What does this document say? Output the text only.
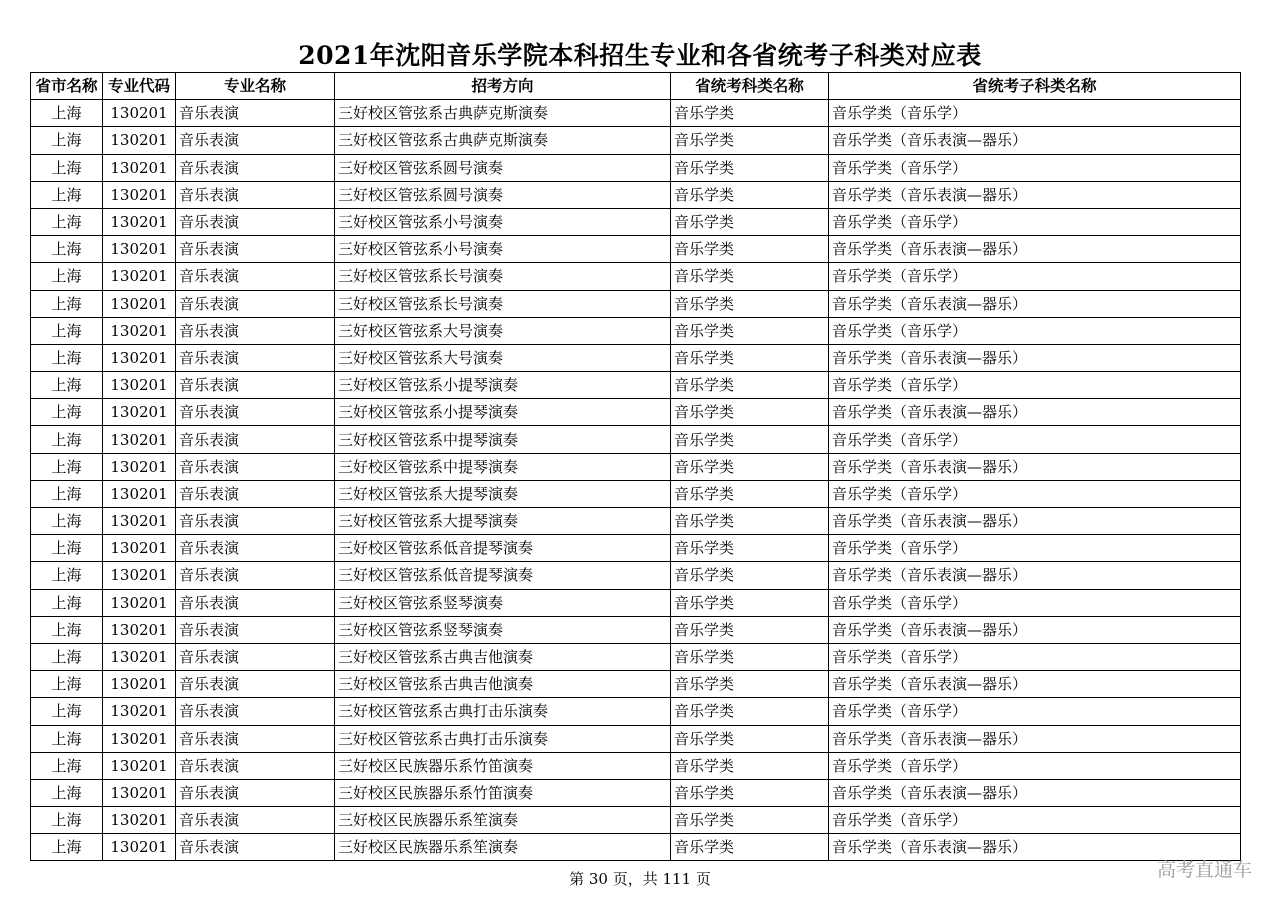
2021年沈阳音乐学院本科招生专业和各省统考子科类对应表
省市名称	专业代码	专业名称	招考方向	省统考科类名称	省统考子科类名称
上海	130201	音乐表演	三好校区管弦系古典萨克斯演奏	音乐学类	音乐学类（音乐学）
上海	130201	音乐表演	三好校区管弦系古典萨克斯演奏	音乐学类	音乐学类（音乐表演—器乐）
上海	130201	音乐表演	三好校区管弦系圆号演奏	音乐学类	音乐学类（音乐学）
上海	130201	音乐表演	三好校区管弦系圆号演奏	音乐学类	音乐学类（音乐表演—器乐）
上海	130201	音乐表演	三好校区管弦系小号演奏	音乐学类	音乐学类（音乐学）
上海	130201	音乐表演	三好校区管弦系小号演奏	音乐学类	音乐学类（音乐表演—器乐）
上海	130201	音乐表演	三好校区管弦系长号演奏	音乐学类	音乐学类（音乐学）
上海	130201	音乐表演	三好校区管弦系长号演奏	音乐学类	音乐学类（音乐表演—器乐）
上海	130201	音乐表演	三好校区管弦系大号演奏	音乐学类	音乐学类（音乐学）
上海	130201	音乐表演	三好校区管弦系大号演奏	音乐学类	音乐学类（音乐表演—器乐）
上海	130201	音乐表演	三好校区管弦系小提琴演奏	音乐学类	音乐学类（音乐学）
上海	130201	音乐表演	三好校区管弦系小提琴演奏	音乐学类	音乐学类（音乐表演—器乐）
上海	130201	音乐表演	三好校区管弦系中提琴演奏	音乐学类	音乐学类（音乐学）
上海	130201	音乐表演	三好校区管弦系中提琴演奏	音乐学类	音乐学类（音乐表演—器乐）
上海	130201	音乐表演	三好校区管弦系大提琴演奏	音乐学类	音乐学类（音乐学）
上海	130201	音乐表演	三好校区管弦系大提琴演奏	音乐学类	音乐学类（音乐表演—器乐）
上海	130201	音乐表演	三好校区管弦系低音提琴演奏	音乐学类	音乐学类（音乐学）
上海	130201	音乐表演	三好校区管弦系低音提琴演奏	音乐学类	音乐学类（音乐表演—器乐）
上海	130201	音乐表演	三好校区管弦系竖琴演奏	音乐学类	音乐学类（音乐学）
上海	130201	音乐表演	三好校区管弦系竖琴演奏	音乐学类	音乐学类（音乐表演—器乐）
上海	130201	音乐表演	三好校区管弦系古典吉他演奏	音乐学类	音乐学类（音乐学）
上海	130201	音乐表演	三好校区管弦系古典吉他演奏	音乐学类	音乐学类（音乐表演—器乐）
上海	130201	音乐表演	三好校区管弦系古典打击乐演奏	音乐学类	音乐学类（音乐学）
上海	130201	音乐表演	三好校区管弦系古典打击乐演奏	音乐学类	音乐学类（音乐表演—器乐）
上海	130201	音乐表演	三好校区民族器乐系竹笛演奏	音乐学类	音乐学类（音乐学）
上海	130201	音乐表演	三好校区民族器乐系竹笛演奏	音乐学类	音乐学类（音乐表演—器乐）
上海	130201	音乐表演	三好校区民族器乐系笙演奏	音乐学类	音乐学类（音乐学）
上海	130201	音乐表演	三好校区民族器乐系笙演奏	音乐学类	音乐学类（音乐表演—器乐）
第 30 页，共 111 页	高考直通车
